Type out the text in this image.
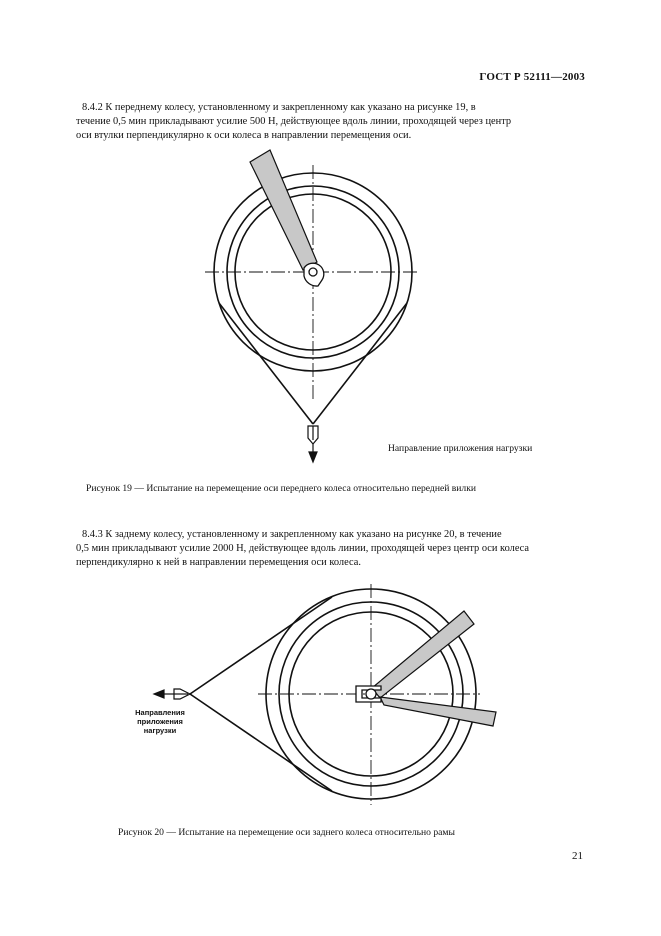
ГОСТ Р 52111—2003
8.4.2 К переднему колесу, установленному и закрепленному как указано на рисунке 19, в
течение 0,5 мин прикладывают усилие 500 Н, действующее вдоль линии, проходящей через центр
оси втулки перпендикулярно к оси колеса в направлении перемещения оси.
Направление приложения нагрузки
Рисунок 19 — Испытание на перемещение оси переднего колеса относительно передней вилки
8.4.3 К заднему колесу, установленному и закрепленному как указано на рисунке 20, в течение
0,5 мин прикладывают усилие 2000 Н, действующее вдоль линии, проходящей через центр оси колеса
перпендикулярно к ней в направлении перемещения оси колеса.
Направления
приложения
нагрузки
Рисунок 20 — Испытание на перемещение оси заднего колеса относительно рамы
21
